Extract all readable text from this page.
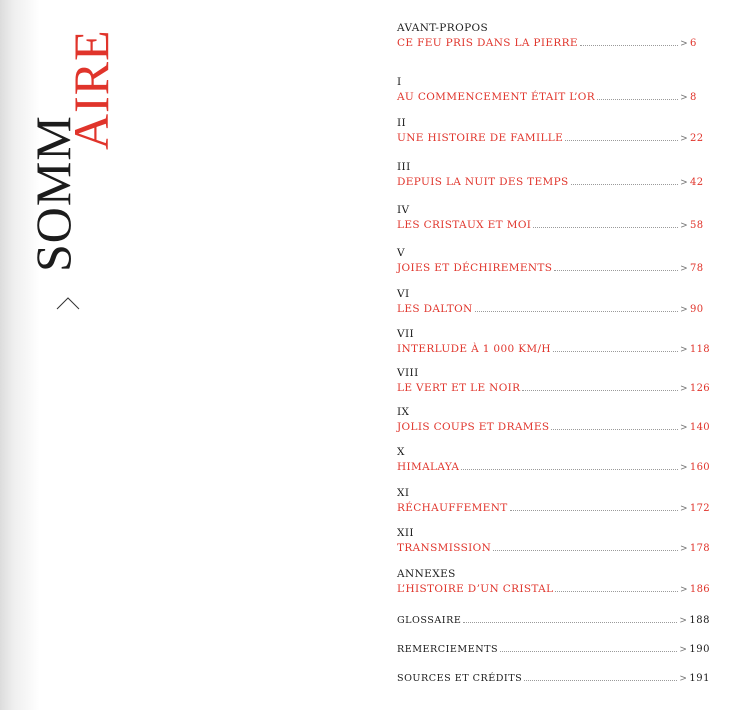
SOMM
AIRE
AVANT-PROPOS
CE FEU PRIS DANS LA PIERRE	> 6
I
AU COMMENCEMENT ÉTAIT L’OR	> 8
II
UNE HISTOIRE DE FAMILLE	> 22
III
DEPUIS LA NUIT DES TEMPS	> 42
IV
LES CRISTAUX ET MOI	> 58
V
JOIES ET DÉCHIREMENTS	> 78
VI
LES DALTON	> 90
VII
INTERLUDE À 1 000 KM/H	> 118
VIII
LE VERT ET LE NOIR	> 126
IX
JOLIS COUPS ET DRAMES	> 140
X
HIMALAYA	> 160
XI
RÉCHAUFFEMENT	> 172
XII
TRANSMISSION	> 178
ANNEXES
L’HISTOIRE D’UN CRISTAL	> 186
GLOSSAIRE	> 188
REMERCIEMENTS	> 190
SOURCES ET CRÉDITS	> 191
